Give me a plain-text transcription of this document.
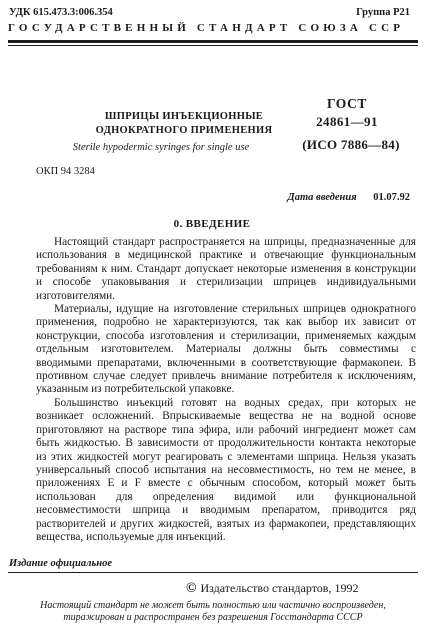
УДК 615.473.3:006.354	Группа Р21
ГОСУДАРСТВЕННЫЙ СТАНДАРТ СОЮЗА ССР
ШПРИЦЫ ИНЪЕКЦИОННЫЕ
ОДНОКРАТНОГО ПРИМЕНЕНИЯ
Sterile hypodermic syringes for single use
ГОСТ
24861—91
(ИСО 7886—84)
ОКП 94 3284
Дата введения 01.07.92
0. ВВЕДЕНИЕ

Настоящий стандарт распространяется на шприцы, предназначенные для использования в медицинской практике и отвечающие функциональным требованиям к ним. Стандарт допускает некоторые изменения в конструкции и способе упаковывания и стерилизации шприцев индивидуальными изготовителями.

Материалы, идущие на изготовление стерильных шприцев однократного применения, подробно не характеризуются, так как выбор их зависит от конструкции, способа изготовления и стерилизации, применяемых каждым отдельным изготовителем. Материалы должны быть совместимы с вводимыми препаратами, включенными в соответствующие фармакопеи. В противном случае следует привлечь внимание потребителя к исключениям, указанным из потребительской упаковке.

Большинство инъекций готовят на водных средах, при которых не возникает осложнений. Впрыскиваемые вещества не на водной основе приготовляют на растворе типа эфира, или рабочий ингредиент может сам быть жидкостью. В зависимости от продолжительности контакта некоторые из этих жидкостей могут реагировать с элементами шприца. Нельзя указать универсальный способ испытания на несовместимость, но тем не менее, в приложениях Е и F вместе с обычным способом, который может быть использован для определения видимой или функциональной несовместимости шприца и вводимым препаратом, приводится ряд растворителей и других жидкостей, взятых из фармакопеи, представляющих вещества, используемые для инъекций.

Издание официальное
© Издательство стандартов, 1992
Настоящий стандарт не может быть полностью или частично воспроизведен,
тиражирован и распространен без разрешения Госстандарта СССР
